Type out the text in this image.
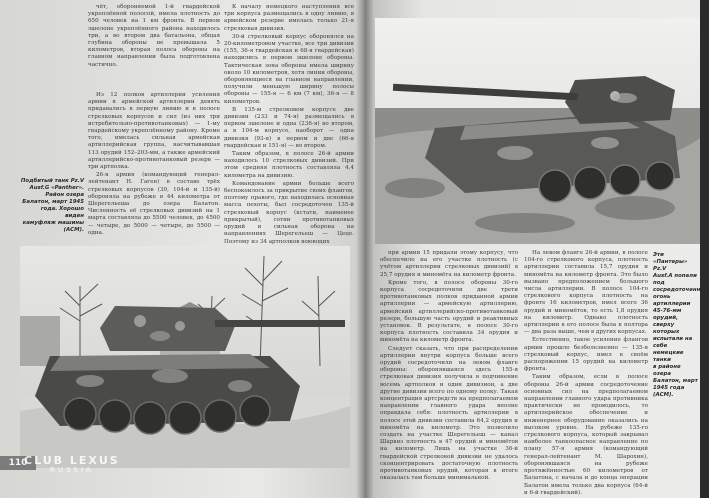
чёт, обороняемой 1-й гвардейской укреплённой полосой, имела плотность до 650 человек на 1 км фронта. В первом эшелоне укреплённого района находилось три, а во втором два батальона, общая глубина обороны не превышала 5 километров, вторая полоса обороны на главном направлении была подготовлена частично.

Из 12 полков артиллерии усиления армии в армейской артиллерии девять придавались в первую линию и в полосе стрелковых корпусов и сил (из них три истребительно-противотанковых) — 1-му гвардейскому укреплённому району. Кроме того, имелась сильная армейская артиллерийская группа, насчитывавшая 113 орудий 152–203-мм, а также армейский артиллерийско-противотанковый резерв — три артполка.

26-я армия (командующий генерал-лейтенант Н. Гаген) в составе трёх стрелковых корпусов (30, 104-й и 135-й) обороняла на рубеже в 44 километра от Шерегельеша до озера Балатон. Численность её стрелковых дивизий на 1 марта составляла до 5500 человек, до 4500 — четыре, до 5000 — четыре, до 5500 — одна.

К началу немецкого наступления все три корпуса размещались в одну линию, в армейском резерве имелась только 21-я стрелковая дивизия.

30-й стрелковый корпус оборонялся на 20-километровом участке, все три дивизии (155, 36-я гвардейская и 68-я гвардейская) находились в первом эшелоне обороны. Тактическая зона обороны имела ширину около 10 километров, хотя линии обороны, обороняющиеся на главном направлении, получили меньшую ширину полосы обороны — 155-я — 6 км (7 км), 36-я — 8 километров.

В 135-м стрелковом корпусе две дивизии (233 и 74-я) размещались в первом эшелоне и одна (236-я) во втором, а в 104-м корпусе, наоборот — одна дивизия (93-я) в первом и две (66-я гвардейская и 151-я) — во втором.

Таким образом, в полосе 26-й армии находилось 10 стрелковых дивизий. При этом средняя плотность составляла 4,4 километра на дивизию.

Командование армии больше всего беспокоилось за прикрытие своих флангов, поэтому правого, где находилась основная масса пехоты, был сосредоточен 135-й стрелковый корпус (кстати, наименее прикрытый), сотни противотанковых орудий и сильная оборона на направлениях Шерегельеш — Цеце. Поэтому из 34 артполков воюющих

Подбитый танк Pz.V
Ausf.G «Panther».
Район озера
Балатон, март 1945
года. Хорошо виден
камуфляж машины
(АСМ).
110
CLUB LEXUS
RUSSIA

при армии 15 придали этому корпусу, что обеспечило на его участке плотность (с учётом артиллерии стрелковых дивизий) в 25,7 орудия и миномёта на километр фронта.

Кроме того, в полосе обороны 30-го корпуса сосредоточили две трети противотанковых полков приданной армии артиллерии — армейскую артиллерию, армейский артиллерийско-противотанковый резерв, большую часть орудий и реактивных установок. В результате, в полосе 30-го корпуса плотность составила 34 орудия и миномёта на километр фронта.

Следует сказать, что при распределении артиллерии внутри корпуса больше всего орудий сосредоточили на левом фланге обороны: оборонявшаяся здесь 155-я стрелковая дивизия получила в подчинение восемь артполков и один дивизион, а две другие дивизии всего по одному полку. Такая концентрация артсредств на предполагаемом направлении главного удара вполне оправдала себя: плотность артиллерии в полосе этой дивизии составила 64,2 орудия и миномёта на километр. Это позволило создать на участке Шерегельеш — канал Шарвиз плотность в 47 орудий и миномётов на километр. Лишь на участке 36-й гвардейской стрелковой дивизии не удалось сконцентрировать достаточную плотность противотанковых орудий, которая в итоге оказалась там больше минимальной.

На левом фланге 26-й армии, в полосе 104-го стрелкового корпуса, плотность артиллерии составила 15,7 орудия и миномёта на километр фронта. Это было вызвано предположением большого числа артиллерии. В полосе 104-го стрелкового корпуса плотность на фронте 16 километров, имел всего 36 орудий и миномётов, то есть 1,8 орудия на километр. Однако плотность артиллерии в его полосе была в полтора — два раза выше, чем в других корпусах.

Естественно, такое усиление флангов армии прошло безболезненно — 135-я стрелковый корпус, имел в своём распоряжении 15 орудий на километр фронта.

Таким образом, если в полосе обороны 26-й армии сосредоточение основных сил на предполагаемом направлении главного удара противника практически не проводилось, то артиллерийское обеспечение и инженерное оборудование оказались на высоком уровне. На рубеже 135-го стрелкового корпуса, который закрывал наиболее танкоопасное направление по плану 57-я армия (командующий генерал-лейтенант М. Шарохин), оборонявшаяся на рубеже протяжённостью 60 километров от Балатона, с начала и до конца операции Балатон имела только два корпуса (64-й и 6-й гвардейский).

Эти «Пантеры» Pz.V
Ausf.A попали под
сосредоточенный огонь
артиллерии 45-76-мм
орудий, сверху
которых
испытали на себе
немецкие танки
в районе озера
Балатон, март
1945 года (АСМ).
